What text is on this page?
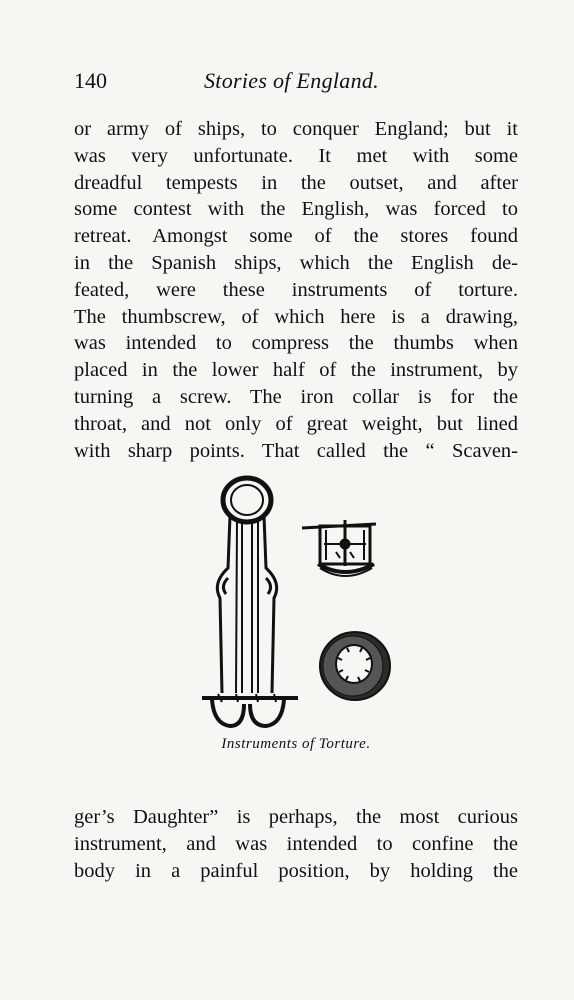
140	Stories of England.
or army of ships, to conquer England; but it
was very unfortunate. It met with some
dreadful tempests in the outset, and after
some contest with the English, was forced to
retreat. Amongst some of the stores found
in the Spanish ships, which the English de-
feated, were these instruments of torture.
The thumbscrew, of which here is a drawing,
was intended to compress the thumbs when
placed in the lower half of the instrument, by
turning a screw. The iron collar is for the
throat, and not only of great weight, but lined
with sharp points. That called the “ Scaven-
Instruments of Torture.
ger’s Daughter” is perhaps, the most curious
instrument, and was intended to confine the
body in a painful position, by holding the
